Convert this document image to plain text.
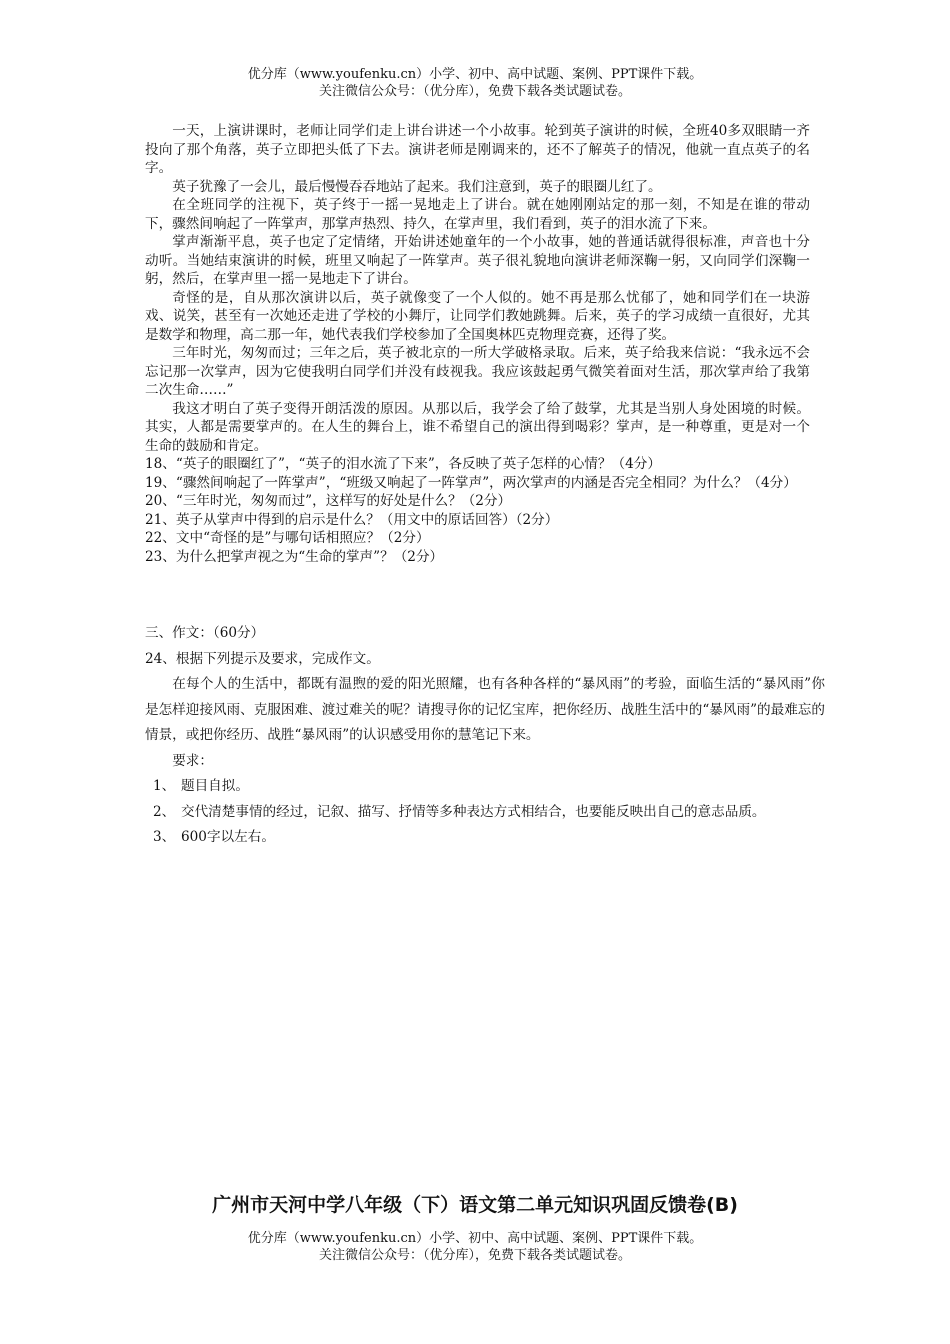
优分库（www.youfenku.cn）小学、初中、高中试题、案例、PPT课件下载。
关注微信公众号：（优分库），免费下载各类试题试卷。

一天，上演讲课时，老师让同学们走上讲台讲述一个小故事。轮到英子演讲的时候，全班40多双眼睛一齐投向了那个角落，英子立即把头低了下去。演讲老师是刚调来的，还不了解英子的情况，他就一直点英子的名字。

英子犹豫了一会儿，最后慢慢吞吞地站了起来。我们注意到，英子的眼圈儿红了。

在全班同学的注视下，英子终于一摇一晃地走上了讲台。就在她刚刚站定的那一刻，不知是在谁的带动下，骤然间响起了一阵掌声，那掌声热烈、持久，在掌声里，我们看到，英子的泪水流了下来。

掌声渐渐平息，英子也定了定情绪，开始讲述她童年的一个小故事，她的普通话就得很标准，声音也十分动听。当她结束演讲的时候，班里又响起了一阵掌声。英子很礼貌地向演讲老师深鞠一躬，又向同学们深鞠一躬，然后，在掌声里一摇一晃地走下了讲台。

奇怪的是，自从那次演讲以后，英子就像变了一个人似的。她不再是那么忧郁了，她和同学们在一块游戏、说笑，甚至有一次她还走进了学校的小舞厅，让同学们教她跳舞。后来，英子的学习成绩一直很好，尤其是数学和物理，高二那一年，她代表我们学校参加了全国奥林匹克物理竞赛，还得了奖。

三年时光，匆匆而过；三年之后，英子被北京的一所大学破格录取。后来，英子给我来信说：“我永远不会忘记那一次掌声，因为它使我明白同学们并没有歧视我。我应该鼓起勇气微笑着面对生活，那次掌声给了我第二次生命……”

我这才明白了英子变得开朗活泼的原因。从那以后，我学会了给了鼓掌，尤其是当别人身处困境的时候。其实，人都是需要掌声的。在人生的舞台上，谁不希望自己的演出得到喝彩？掌声，是一种尊重，更是对一个生命的鼓励和肯定。

18、“英子的眼圈红了”，“英子的泪水流了下来”，各反映了英子怎样的心情？（4分）

19、“骤然间响起了一阵掌声”，“班级又响起了一阵掌声”，两次掌声的内涵是否完全相同？为什么？（4分）

20、“三年时光，匆匆而过”，这样写的好处是什么？（2分）

21、英子从掌声中得到的启示是什么？（用文中的原话回答）（2分）

22、文中“奇怪的是”与哪句话相照应？（2分）

23、为什么把掌声视之为“生命的掌声”？（2分）

三、作文：（60分）

24、根据下列提示及要求，完成作文。

在每个人的生活中，都既有温煦的爱的阳光照耀，也有各种各样的“暴风雨”的考验，面临生活的“暴风雨”你是怎样迎接风雨、克服困难、渡过难关的呢？请搜寻你的记忆宝库，把你经历、战胜生活中的“暴风雨”的最难忘的情景，或把你经历、战胜“暴风雨”的认识感受用你的慧笔记下来。

要求：

1、 题目自拟。

2、 交代清楚事情的经过，记叙、描写、抒情等多种表达方式相结合，也要能反映出自己的意志品质。

3、 600字以左右。

广州市天河中学八年级（下）语文第二单元知识巩固反馈卷(B)
优分库（www.youfenku.cn）小学、初中、高中试题、案例、PPT课件下载。
关注微信公众号：（优分库），免费下载各类试题试卷。
